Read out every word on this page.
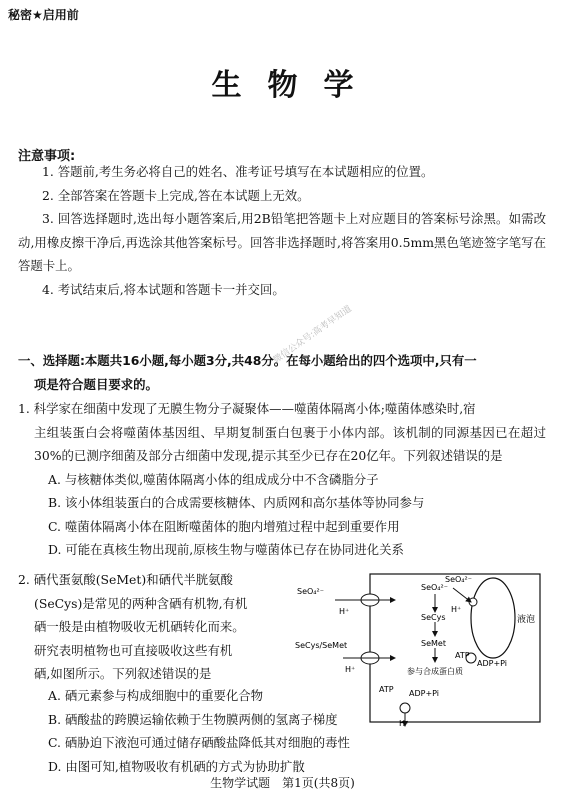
秘密★启用前
生物学
注意事项:
1. 答题前,考生务必将自己的姓名、准考证号填写在本试题相应的位置。
2. 全部答案在答题卡上完成,答在本试题上无效。
3. 回答选择题时,选出每小题答案后,用2B铅笔把答题卡上对应题目的答案标号涂黑。如需改动,用橡皮擦干净后,再选涂其他答案标号。回答非选择题时,将答案用0.5mm黑色笔迹签字笔写在答题卡上。
4. 考试结束后,将本试题和答题卡一并交回。
微信公众号:高考早知道
一、选择题:本题共16小题,每小题3分,共48分。在每小题给出的四个选项中,只有一
项是符合题目要求的。
1. 科学家在细菌中发现了无膜生物分子凝聚体——噬菌体隔离小体;噬菌体感染时,宿
主组装蛋白会将噬菌体基因组、早期复制蛋白包裹于小体内部。该机制的同源基因已在超过30%的已测序细菌及部分古细菌中发现,提示其至少已存在20亿年。下列叙述错误的是
A. 与核糖体类似,噬菌体隔离小体的组成成分中不含磷脂分子
B. 该小体组装蛋白的合成需要核糖体、内质网和高尔基体等协同参与
C. 噬菌体隔离小体在阻断噬菌体的胞内增殖过程中起到重要作用
D. 可能在真核生物出现前,原核生物与噬菌体已存在协同进化关系
2. 硒代蛋氨酸(SeMet)和硒代半胱氨酸
(SeCys)是常见的两种含硒有机物,有机
硒一般是由植物吸收无机硒转化而来。
研究表明植物也可直接吸收这些有机
硒,如图所示。下列叙述错误的是
A. 硒元素参与构成细胞中的重要化合物
B. 硒酸盐的跨膜运输依赖于生物膜两侧的氢离子梯度
C. 硒胁迫下液泡可通过储存硒酸盐降低其对细胞的毒性
D. 由图可知,植物吸收有机硒的方式为协助扩散
SeO₄²⁻
H⁺
SeCys/SeMet
H⁺
SeO₄²⁻
SeCys
SeMet
SeO₄²⁻
H⁺
液泡
参与合成蛋白质
ATP
ADP+Pi
ATP ADP+Pi
H⁺
生物学试题　第1页(共8页)
